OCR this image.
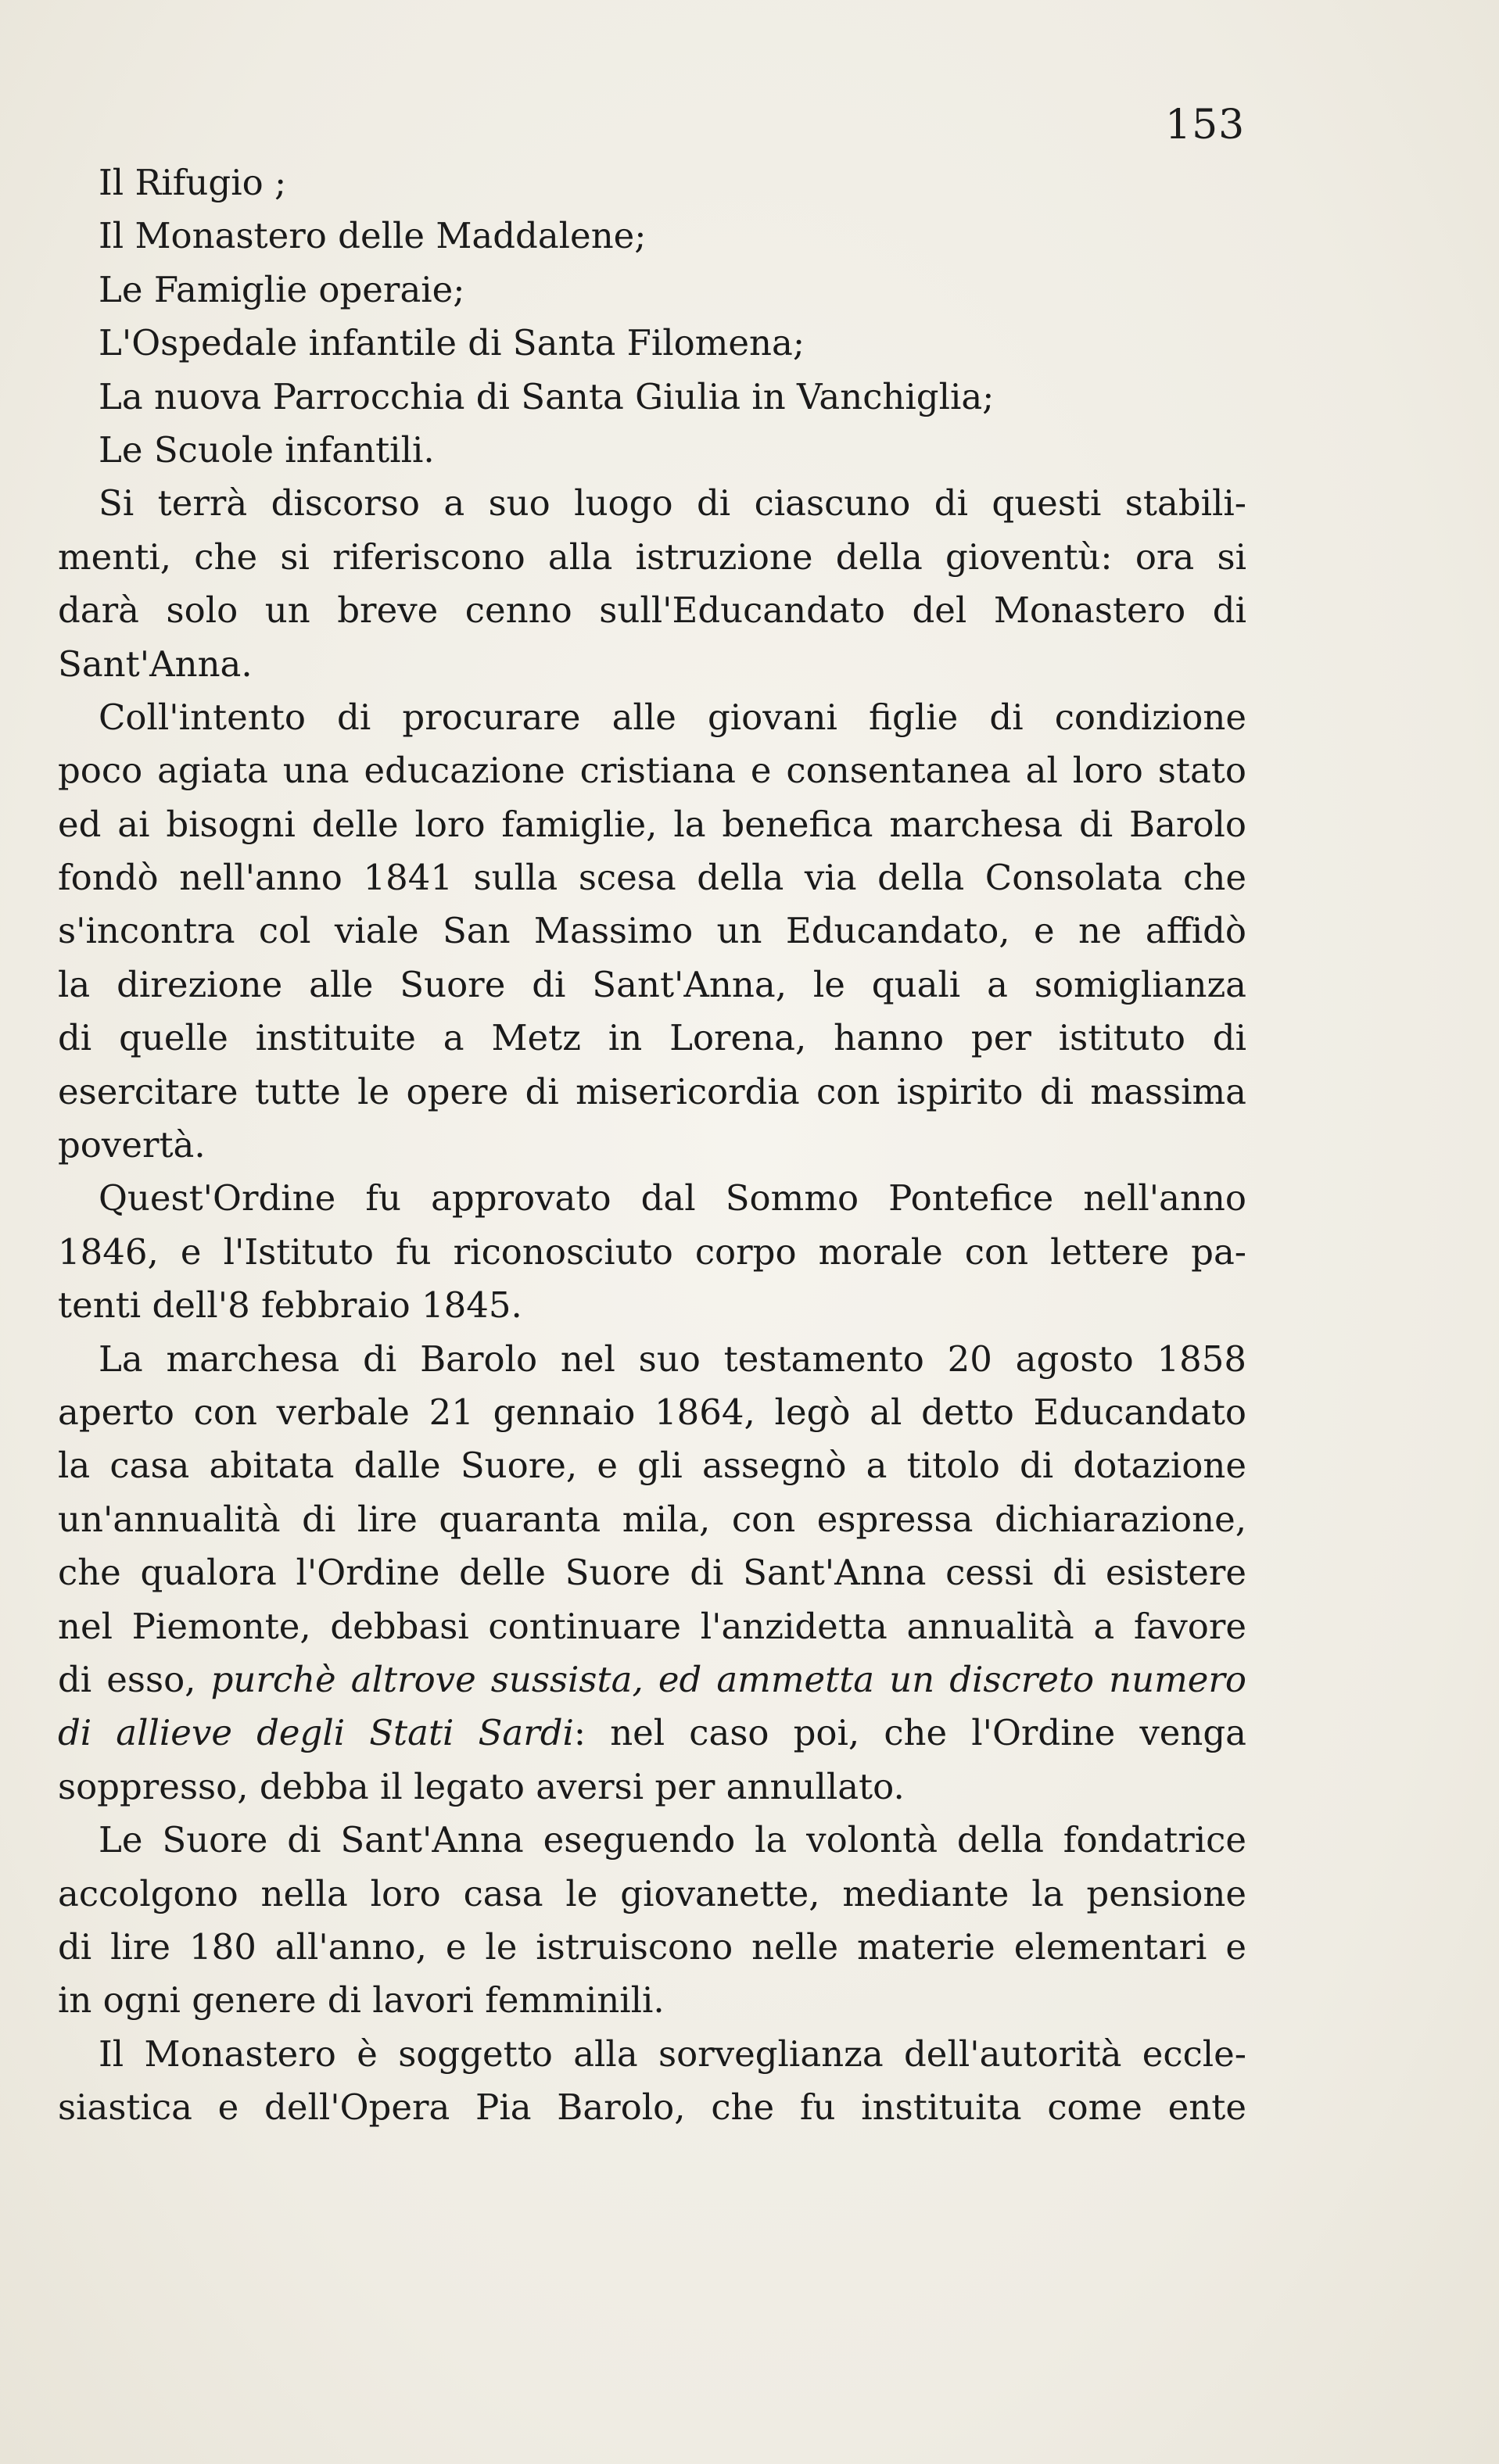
153
Il Rifugio ;
Il Monastero delle Maddalene;
Le Famiglie operaie;
L'Ospedale infantile di Santa Filomena;
La nuova Parrocchia di Santa Giulia in Vanchiglia;
Le Scuole infantili.
Si terrà discorso a suo luogo di ciascuno di questi stabili-
menti, che si riferiscono alla istruzione della gioventù: ora si
darà solo un breve cenno sull'Educandato del Monastero di
Sant'Anna.
Coll'intento di procurare alle giovani figlie di condizione
poco agiata una educazione cristiana e consentanea al loro stato
ed ai bisogni delle loro famiglie, la benefica marchesa di Barolo
fondò nell'anno 1841 sulla scesa della via della Consolata che
s'incontra col viale San Massimo un Educandato, e ne affidò
la direzione alle Suore di Sant'Anna, le quali a somiglianza
di quelle instituite a Metz in Lorena, hanno per istituto di
esercitare tutte le opere di misericordia con ispirito di massima
povertà.
Quest'Ordine fu approvato dal Sommo Pontefice nell'anno
1846, e l'Istituto fu riconosciuto corpo morale con lettere pa-
tenti dell'8 febbraio 1845.
La marchesa di Barolo nel suo testamento 20 agosto 1858
aperto con verbale 21 gennaio 1864, legò al detto Educandato
la casa abitata dalle Suore, e gli assegnò a titolo di dotazione
un'annualità di lire quaranta mila, con espressa dichiarazione,
che qualora l'Ordine delle Suore di Sant'Anna cessi di esistere
nel Piemonte, debbasi continuare l'anzidetta annualità a favore
di esso, purchè altrove sussista, ed ammetta un discreto numero
di allieve degli Stati Sardi: nel caso poi, che l'Ordine venga
soppresso, debba il legato aversi per annullato.
Le Suore di Sant'Anna eseguendo la volontà della fondatrice
accolgono nella loro casa le giovanette, mediante la pensione
di lire 180 all'anno, e le istruiscono nelle materie elementari e
in ogni genere di lavori femminili.
Il Monastero è soggetto alla sorveglianza dell'autorità eccle-
siastica e dell'Opera Pia Barolo, che fu instituita come ente
